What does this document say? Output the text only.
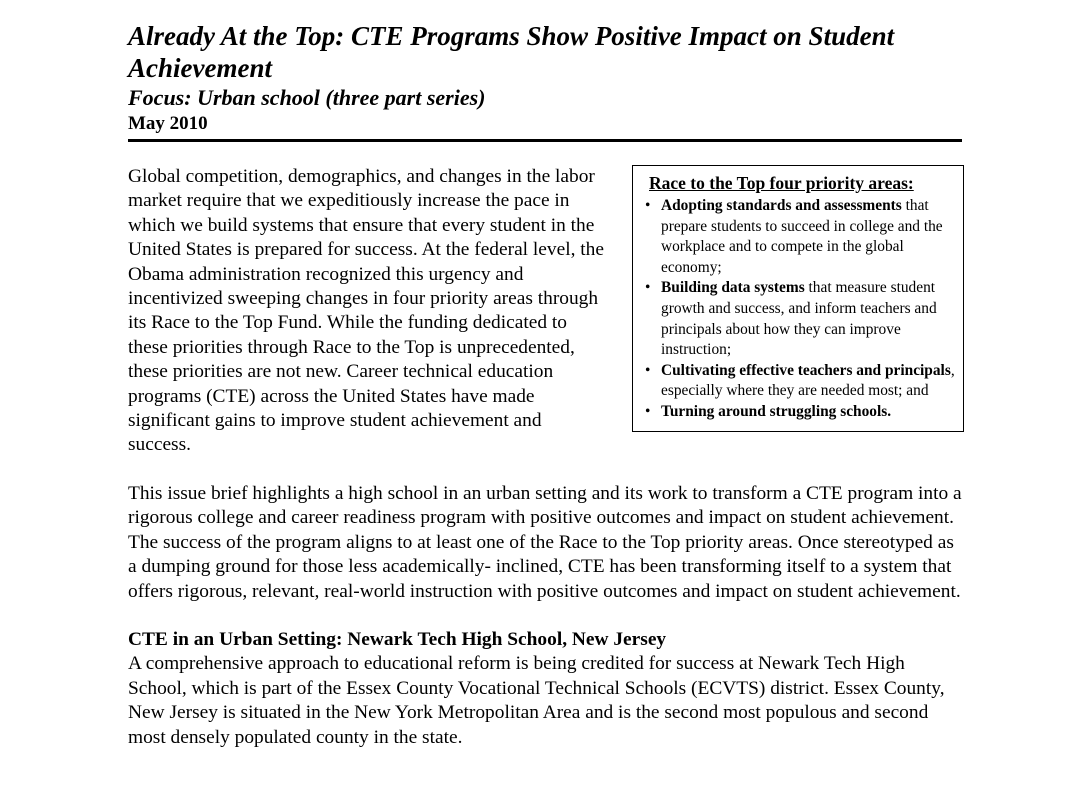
Already At the Top: CTE Programs Show Positive Impact on Student Achievement
Focus: Urban school (three part series)
May 2010

Race to the Top four priority areas:
• Adopting standards and assessments that prepare students to succeed in college and the workplace and to compete in the global economy;
• Building data systems that measure student growth and success, and inform teachers and principals about how they can improve instruction;
• Cultivating effective teachers and principals, especially where they are needed most; and
• Turning around struggling schools.
Global competition, demographics, and changes in the labor market require that we expeditiously increase the pace in which we build systems that ensure that every student in the United States is prepared for success. At the federal level, the Obama administration recognized this urgency and incentivized sweeping changes in four priority areas through its Race to the Top Fund. While the funding dedicated to these priorities through Race to the Top is unprecedented, these priorities are not new. Career technical education programs (CTE) across the United States have made significant gains to improve student achievement and success.

This issue brief highlights a high school in an urban setting and its work to transform a CTE program into a rigorous college and career readiness program with positive outcomes and impact on student achievement. The success of the program aligns to at least one of the Race to the Top priority areas. Once stereotyped as a dumping ground for those less academically- inclined, CTE has been transforming itself to a system that offers rigorous, relevant, real-world instruction with positive outcomes and impact on student achievement.

CTE in an Urban Setting: Newark Tech High School, New Jersey

A comprehensive approach to educational reform is being credited for success at Newark Tech High School, which is part of the Essex County Vocational Technical Schools (ECVTS) district. Essex County, New Jersey is situated in the New York Metropolitan Area and is the second most populous and second most densely populated county in the state.
